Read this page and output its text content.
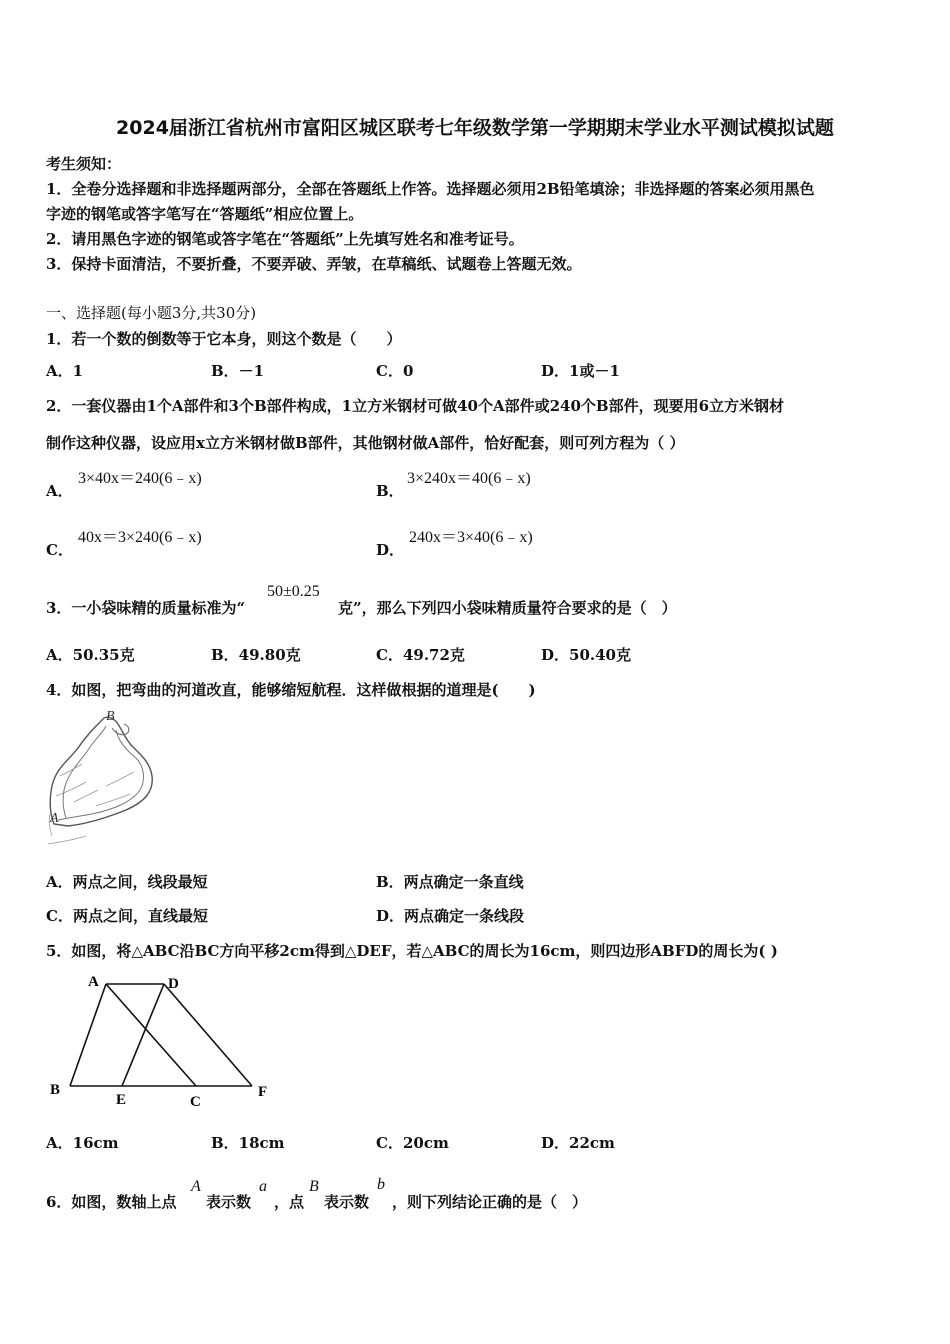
2024届浙江省杭州市富阳区城区联考七年级数学第一学期期末学业水平测试模拟试题
考生须知：
1．全卷分选择题和非选择题两部分，全部在答题纸上作答。选择题必须用2B铅笔填涂；非选择题的答案必须用黑色
字迹的钢笔或答字笔写在“答题纸”相应位置上。
2．请用黑色字迹的钢笔或答字笔在“答题纸”上先填写姓名和准考证号。
3．保持卡面清洁，不要折叠，不要弄破、弄皱，在草稿纸、试题卷上答题无效。
一、选择题(每小题3分,共30分)
1．若一个数的倒数等于它本身，则这个数是（　　）
A．1	B．－1	C．0	D．1或－1
2．一套仪器由1个A部件和3个B部件构成，1立方米钢材可做40个A部件或240个B部件，现要用6立方米钢材
制作这种仪器，设应用x立方米钢材做B部件，其他钢材做A部件，恰好配套，则可列方程为（ ）
A．
3×40x＝240(6﹣x)
B．
3×240x＝40(6﹣x)
C．
40x＝3×240(6﹣x)
D．
240x＝3×40(6﹣x)
3．一小袋味精的质量标准为“
50±0.25
克”，那么下列四小袋味精质量符合要求的是（　）
A．50.35克	B．49.80克	C．49.72克	D．50.40克
4．如图，把弯曲的河道改直，能够缩短航程．这样做根据的道理是(　　)
B
A
A．两点之间，线段最短	B．两点确定一条直线
C．两点之间，直线最短	D．两点确定一条线段
5．如图，将△ABC沿BC方向平移2cm得到△DEF，若△ABC的周长为16cm，则四边形ABFD的周长为( )
A	D
B
E	C
F
A．16cm	B．18cm	C．20cm	D．22cm
6．如图，数轴上点
A
表示数
a
，点
B
表示数
b
，则下列结论正确的是（　）
